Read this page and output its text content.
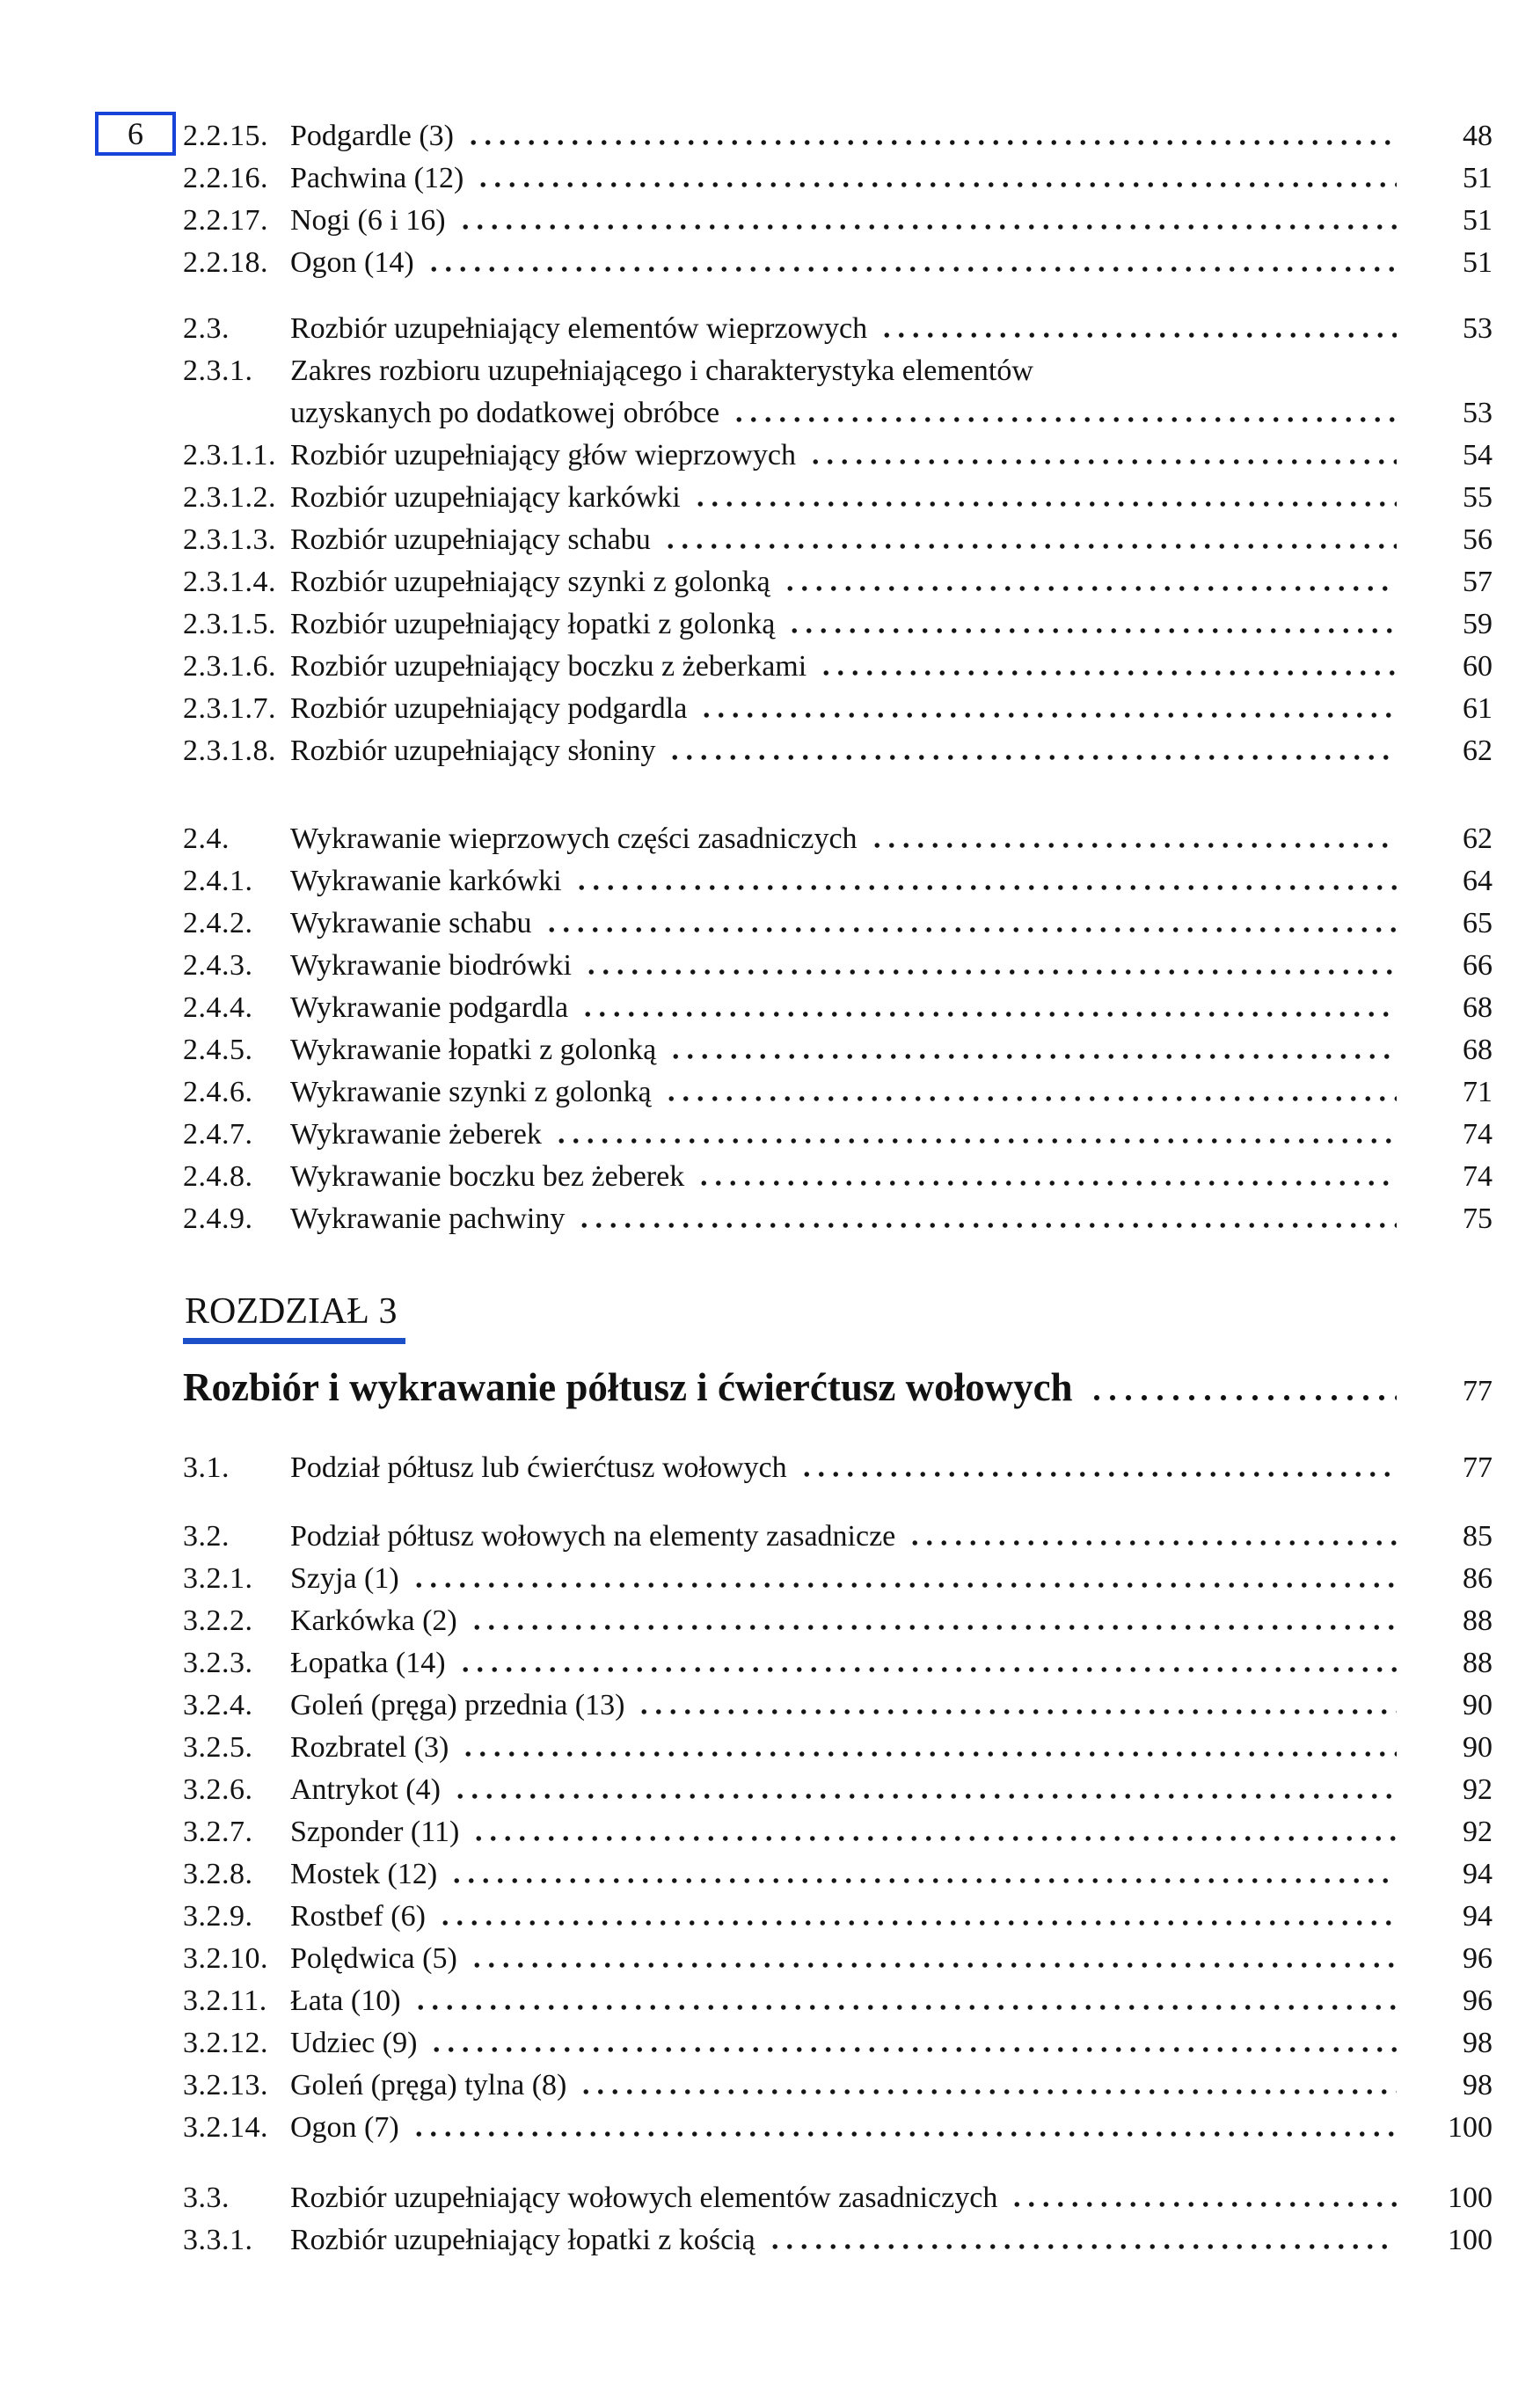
6 2.2.15. Podgardle (3)	48
2.2.16. Pachwina (12)	51
2.2.17. Nogi (6 i 16)	51
2.2.18. Ogon (14)	51
2.3.	Rozbiór uzupełniający elementów wieprzowych	53
2.3.1.	Zakres rozbioru uzupełniającego i charakterystyka elementów
uzyskanych po dodatkowej obróbce	53
2.3.1.1. Rozbiór uzupełniający głów wieprzowych	54
2.3.1.2. Rozbiór uzupełniający karkówki	55
2.3.1.3. Rozbiór uzupełniający schabu	56
2.3.1.4. Rozbiór uzupełniający szynki z golonką	57
2.3.1.5. Rozbiór uzupełniający łopatki z golonką	59
2.3.1.6. Rozbiór uzupełniający boczku z żeberkami	60
2.3.1.7. Rozbiór uzupełniający podgardla	61
2.3.1.8. Rozbiór uzupełniający słoniny	62
2.4.	Wykrawanie wieprzowych części zasadniczych	62
2.4.1.	Wykrawanie karkówki	64
2.4.2.	Wykrawanie schabu	65
2.4.3.	Wykrawanie biodrówki	66
2.4.4.	Wykrawanie podgardla	68
2.4.5.	Wykrawanie łopatki z golonką	68
2.4.6.	Wykrawanie szynki z golonką	71
2.4.7.	Wykrawanie żeberek	74
2.4.8.	Wykrawanie boczku bez żeberek	74
2.4.9.	Wykrawanie pachwiny	75
ROZDZIAŁ 3
Rozbiór i wykrawanie półtusz i ćwierćtusz wołowych	77
3.1.	Podział półtusz lub ćwierćtusz wołowych	77
3.2.	Podział półtusz wołowych na elementy zasadnicze	85
3.2.1.	Szyja (1)	86
3.2.2.	Karkówka (2)	88
3.2.3.	Łopatka (14)	88
3.2.4.	Goleń (pręga) przednia (13)	90
3.2.5.	Rozbratel (3)	90
3.2.6.	Antrykot (4)	92
3.2.7.	Szponder (11)	92
3.2.8.	Mostek (12)	94
3.2.9.	Rostbef (6)	94
3.2.10. Polędwica (5)	96
3.2.11. Łata (10)	96
3.2.12. Udziec (9)	98
3.2.13. Goleń (pręga) tylna (8)	98
3.2.14. Ogon (7)	100
3.3.	Rozbiór uzupełniający wołowych elementów zasadniczych	100
3.3.1.	Rozbiór uzupełniający łopatki z kością	100
